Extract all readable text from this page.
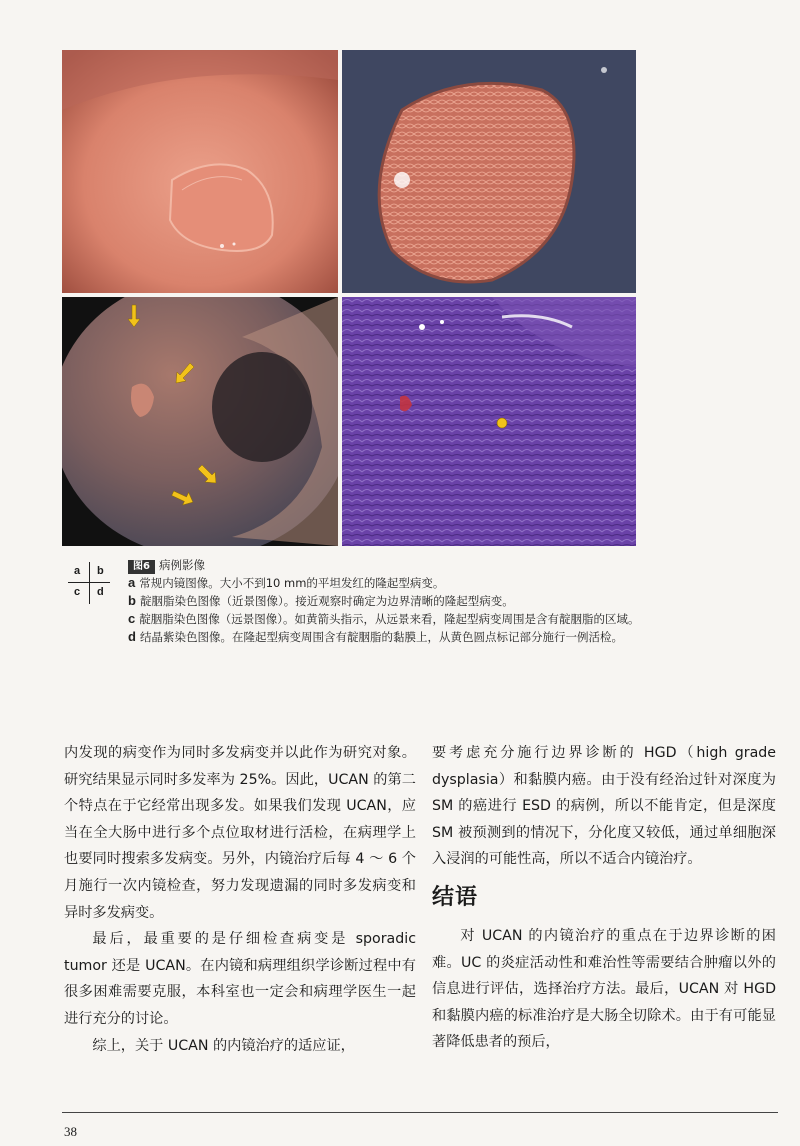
a b
c d

图6 病例影像

a 常规内镜图像。大小不到10 mm的平坦发红的隆起型病变。

b 靛胭脂染色图像（近景图像）。接近观察时确定为边界清晰的隆起型病变。

c 靛胭脂染色图像（远景图像）。如黄箭头指示，从远景来看，隆起型病变周围是含有靛胭脂的区域。

d 结晶紫染色图像。在隆起型病变周围含有靛胭脂的黏膜上，从黄色圆点标记部分施行一例活检。

内发现的病变作为同时多发病变并以此作为研究对象。研究结果显示同时多发率为 25%。因此，UCAN 的第二个特点在于它经常出现多发。如果我们发现 UCAN，应当在全大肠中进行多个点位取材进行活检，在病理学上也要同时搜索多发病变。另外，内镜治疗后每 4 ～ 6 个月施行一次内镜检查，努力发现遗漏的同时多发病变和异时多发病变。

最后，最重要的是仔细检查病变是 sporadic tumor 还是 UCAN。在内镜和病理组织学诊断过程中有很多困难需要克服，本科室也一定会和病理学医生一起进行充分的讨论。

综上，关于 UCAN 的内镜治疗的适应证，

要考虑充分施行边界诊断的 HGD（high grade dysplasia）和黏膜内癌。由于没有经治过针对深度为 SM 的癌进行 ESD 的病例，所以不能肯定，但是深度 SM 被预测到的情况下，分化度又较低，通过单细胞深入浸润的可能性高，所以不适合内镜治疗。

结语

对 UCAN 的内镜治疗的重点在于边界诊断的困难。UC 的炎症活动性和难治性等需要结合肿瘤以外的信息进行评估，选择治疗方法。最后，UCAN 对 HGD 和黏膜内癌的标准治疗是大肠全切除术。由于有可能显著降低患者的预后，

38
